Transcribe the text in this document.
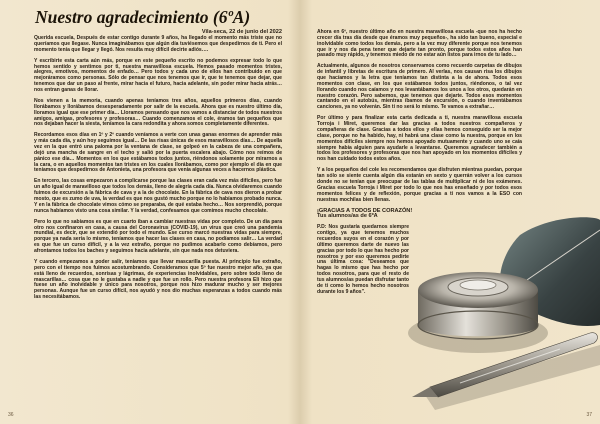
Nuestro agradecimiento (6ºA)
Vila-seca, 22 de junio del 2022

Querida escuela, Después de estar contigo durante 9 años, ha llegado el momento más triste que no queríamos que llegase. Nunca imaginábamos que algún día tuviésemos que despedirnos de ti. Pero el momento tenía que llegar y llegó. Nos resulta muy difícil decirte adiós….

Y escribirte esta carta aún más, porque en este pequeño escrito no podemos expresar todo lo que hemos sentido y sentimos por ti, nuestra maravillosa escuela. Hemos pasado momentos tristes, alegres, emotivos, momentos de enfado… Pero todos y cada uno de ellos han contribuido en que mejoráramos como personas. Sólo de pensar que nos tenemos que ir, que te tenemos que dejar, que tenemos que dar un paso al frente, mirar hacia el futuro, hacia adelante, sin poder mirar hacia atrás… nos entran ganas de llorar.

Nos vienen a la memoria, cuando apenas teníamos tres años, aquellos primeros días, cuando llorábamos y llorábamos desesperadamente por salir de la escuela. Ahora que es nuestro último día, lloramos igual que ese primer día… Lloramos pensando que nos vamos a distanciar de todos nuestros amigos, amigas, profesores y profesoras… Cuando comenzamos el cole, éramos tan pequeños que nos dejaban hacer la siesta, teníamos la cara redondita y ahora somos completamente diferentes.

Recordamos esos días en 1º y 2º cuando veníamos a verte con unas ganas enormes de aprender más y más cada día, y aún hoy seguimos igual… De las risas únicas de esos maravillosos días… De aquella vez en la que entró una paloma por la ventana de clase, se golpeó en la cabeza de una compañera, dejó una mancha de sangre en el techo y salió por la puerta escalera abajo. Cómo nos reímos de pánico ese día… Momentos en los que estábamos todos juntos, riéndonos solamente por mirarnos a la cara, o en aquellos momentos tan tristes en los cuales llorábamos, como por ejemplo el día en que teníamos que despedirnos de Antonieta, una profesora que venía algunas veces a hacernos plástica.

En tercero, las cosas empezaron a complicarse porque las clases eran cada vez más difíciles, pero fue un año igual de maravilloso que todos los demás, lleno de alegría cada día. Nunca olvidaremos cuando fuimos de excursión a la fábrica de cava y a la de chocolate. En la fábrica de cava nos dieron a probar mosto, que es zumo de uva, la verdad es que nos gustó mucho porque no lo habíamos probado nunca. Y en la fábrica de chocolate vimos cómo se preparaba, de qué estaba hecho… Nos sorprendió, porque nunca habíamos visto una cosa similar. Y la verdad, confesamos que comimos mucho chocolate.

Pero lo que no sabíamos es que en cuarto iban a cambiar nuestras vidas por completo. De un día para otro nos confinaron en casa, a causa del Coronavirus (COVID-19), un virus que creó una pandemia mundial, es decir, que se extendió por todo el mundo. Ese curso marcó nuestras vidas para siempre, porque ya nada sería lo mismo, teníamos que hacer las clases en casa, no podíamos salir… La verdad es que fue un curso difícil, y a la vez extraño, porque no pudimos acabarlo como debíamos, pero afrontamos todos los baches y seguimos hacia adelante, sin que nada nos detuviera.

Y cuando empezamos a poder salir, teníamos que llevar mascarilla puesta. Al principio fue extraño, pero con el tiempo nos fuimos acostumbrando. Consideramos que 5º fue nuestro mejor año, ya que está lleno de recuerdos, sonrisas y lágrimas, de experiencias inolvidables, pero sobre todo lleno de mascarillas… cosa que no le gustaba a nadie y que fue un rollo. Pero nuestra profesora Eli hizo que fuese un año inolvidable y único para nosotros, porque nos hizo madurar mucho y ser mejores personas. Aunque fue un curso difícil, nos ayudó y nos dio muchas esperanzas a todos cuando más las necesitábamos.

36

Ahora en 6º, nuestro último año en nuestra maravillosa escuela -que nos ha hecho crecer día tras día desde que éramos muy pequeños-, ha sido tan bueno, especial e inolvidable como todos los demás, pero a la vez muy diferente porque nos tenemos que ir y nos da pena tener que dejarte tan pronto, porque todos estos años han pasado muy rápido, y tenemos miedo de no estar aún listos para irnos de tu lado…

Actualmente, algunos de nosotros conservamos como recuerdo carpetas de dibujos de infantil y libretas de escritura de primero. Al verlas, nos causan risa los dibujos que hacíamos y la letra que teníamos tan distinta a la de ahora. Todos esos momentos con clase, en los que estábamos todos juntos, riéndonos, o tal vez llorando cuando nos caíamos y nos levantábamos los unos a los otros, quedarán en nuestro corazón. Pero sabemos, que tenemos que dejarte. Todos esos momentos cantando en el autobús, mientras íbamos de excursión, o cuando inventábamos canciones, ya no volverán. Sin ti no será lo mismo. Te vamos a extrañar…

Por último y para finalizar esta carta dedicada a ti, nuestra maravillosa escuela Torroja i Miret, queremos dar las gracias a todos nuestros compañeros y compañeras de clase. Gracias a todos ellos y ellas hemos conseguido ser la mejor clase, porque no ha habido, hay, ni habrá una clase como la nuestra, porque en los momentos difíciles siempre nos hemos apoyado mutuamente y cuando uno se caía siempre había alguien para ayudarle a levantarse. Queremos agradecer también a todos los profesores y profesoras que nos han apoyado en los momentos difíciles y nos han cuidado todos estos años.

Y a los pequeños del cole les recomendamos que disfruten mientras puedan, porque tan sólo se siente cuenta algún día estarán en sexto y querrán volver a los cursos donde no se tenían que preocupar de las tablas de multiplicar ni de los exámenes. Gracias escuela Torroja i Miret por todo lo que nos has enseñado y por todos esos momentos felices y de reflexión, porque gracias a ti nos vamos a la ESO con nuestras mochilas bien llenas.

¡GRACIAS A TODOS DE CORAZÓN!
Tus alumnos/as de 6ºA

P.D: Nos gustaría quedarnos siempre contigo, ya que tenemos muchos recuerdos suyos en el corazón y por último queremos darte de nuevo las gracias por todo lo que has hecho por nosotros y por eso queremos pedirte una última cosa: "Deseamos que hagas lo mismo que has hecho por todos nosotros, para que el resto de tus alumnos/as puedan disfrutar tanto de ti como lo hemos hecho nosotros durante los 9 años".

37
